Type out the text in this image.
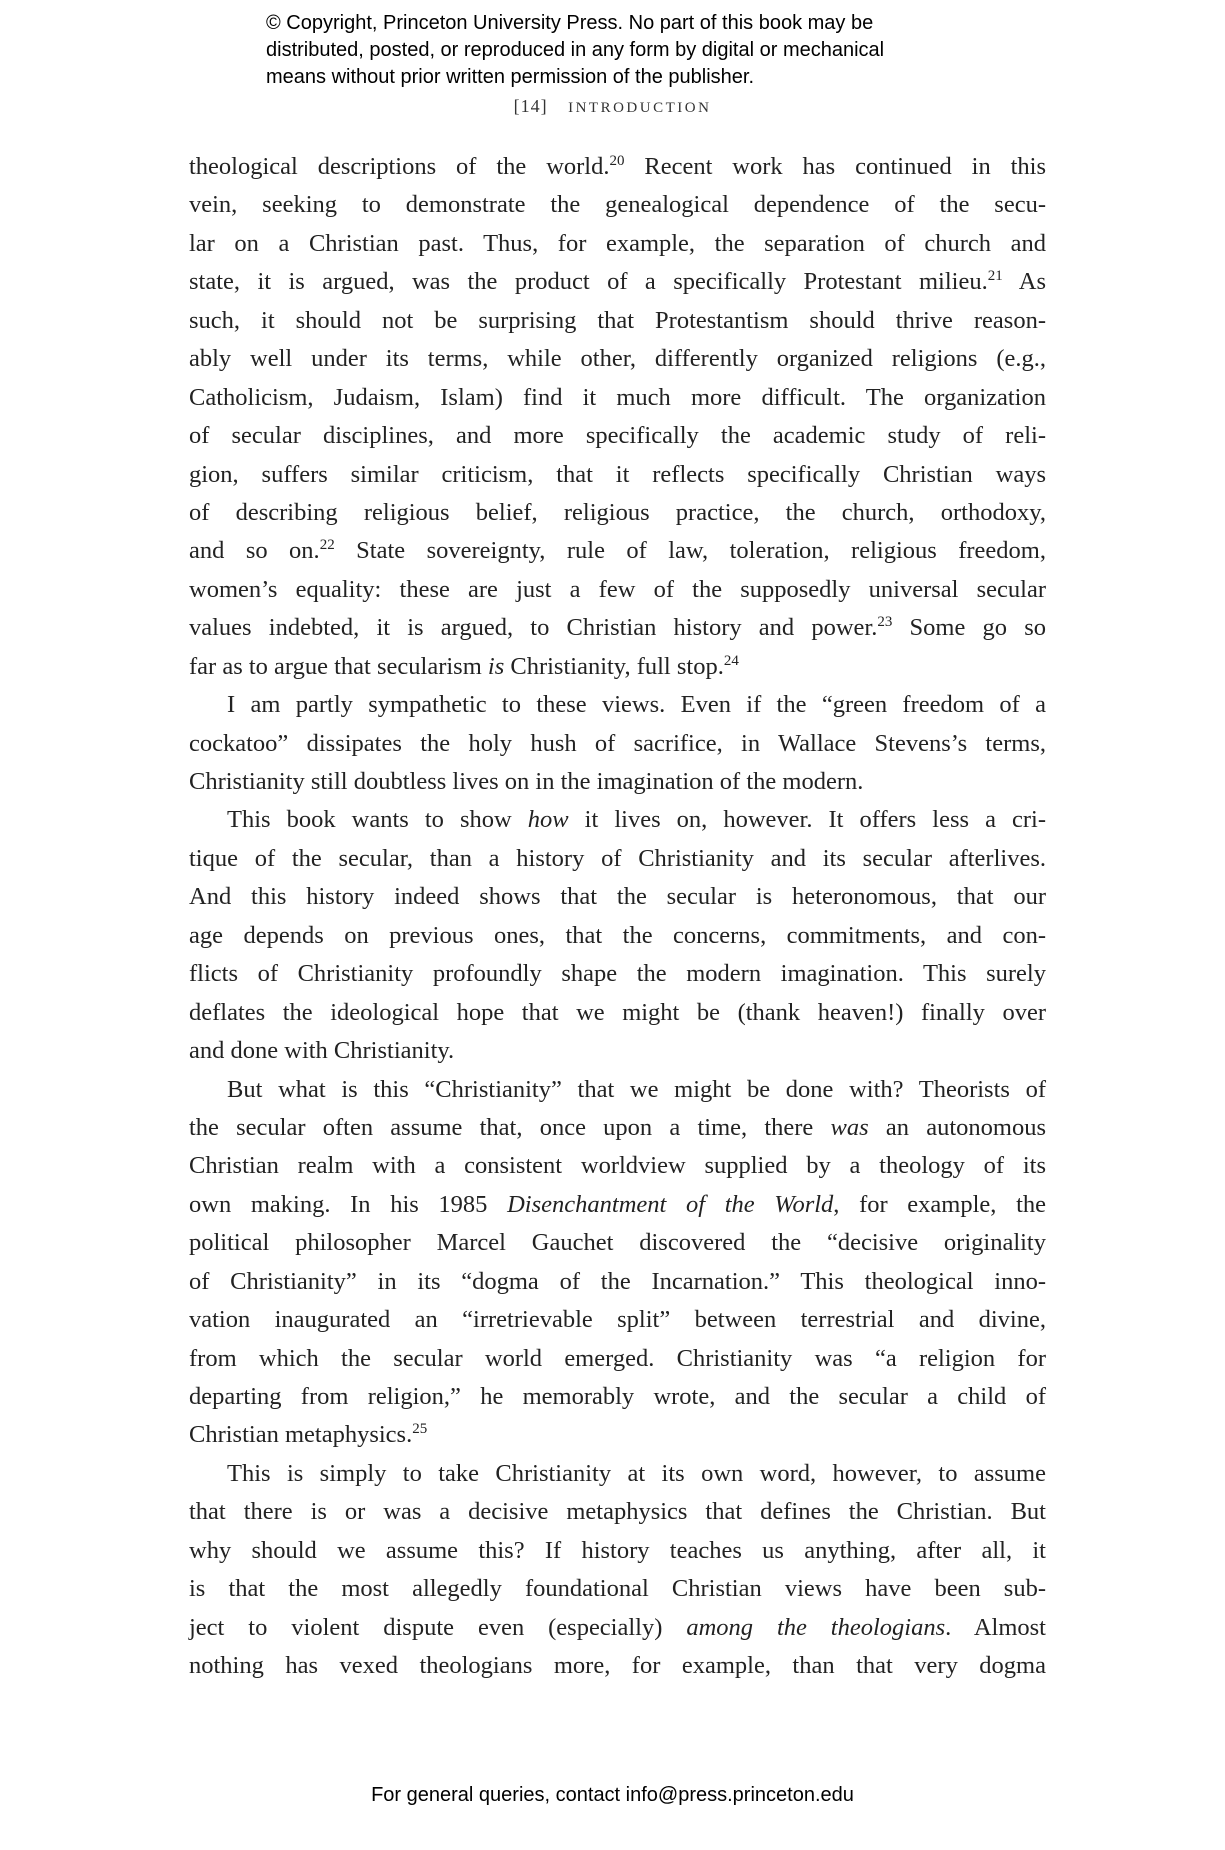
© Copyright, Princeton University Press. No part of this book may be
distributed, posted, or reproduced in any form by digital or mechanical
means without prior written permission of the publisher.
[14] introduction
theological descriptions of the world.$^{20}$ Recent work has continued in this
vein, seeking to demonstrate the genealogical dependence of the secu-
lar on a Christian past. Thus, for example, the separation of church and
state, it is argued, was the product of a specifically Protestant milieu.$^{21}$ As
such, it should not be surprising that Protestantism should thrive reason-
ably well under its terms, while other, differently organized religions (e.g.,
Catholicism, Judaism, Islam) find it much more difficult. The organization
of secular disciplines, and more specifically the academic study of reli-
gion, suffers similar criticism, that it reflects specifically Christian ways
of describing religious belief, religious practice, the church, orthodoxy,
and so on.$^{22}$ State sovereignty, rule of law, toleration, religious freedom,
women’s equality: these are just a few of the supposedly universal secular
values indebted, it is argued, to Christian history and power.$^{23}$ Some go so
far as to argue that secularism is Christianity, full stop.$^{24}$
I am partly sympathetic to these views. Even if the “green freedom of a
cockatoo” dissipates the holy hush of sacrifice, in Wallace Stevens’s terms,
Christianity still doubtless lives on in the imagination of the modern.
This book wants to show how it lives on, however. It offers less a cri-
tique of the secular, than a history of Christianity and its secular afterlives.
And this history indeed shows that the secular is heteronomous, that our
age depends on previous ones, that the concerns, commitments, and con-
flicts of Christianity profoundly shape the modern imagination. This surely
deflates the ideological hope that we might be (thank heaven!) finally over
and done with Christianity.
But what is this “Christianity” that we might be done with? Theorists of
the secular often assume that, once upon a time, there was an autonomous
Christian realm with a consistent worldview supplied by a theology of its
own making. In his 1985 Disenchantment of the World, for example, the
political philosopher Marcel Gauchet discovered the “decisive originality
of Christianity” in its “dogma of the Incarnation.” This theological inno-
vation inaugurated an “irretrievable split” between terrestrial and divine,
from which the secular world emerged. Christianity was “a religion for
departing from religion,” he memorably wrote, and the secular a child of
Christian metaphysics.$^{25}$
This is simply to take Christianity at its own word, however, to assume
that there is or was a decisive metaphysics that defines the Christian. But
why should we assume this? If history teaches us anything, after all, it
is that the most allegedly foundational Christian views have been sub-
ject to violent dispute even (especially) among the theologians. Almost
nothing has vexed theologians more, for example, than that very dogma
For general queries, contact info@press.princeton.edu
